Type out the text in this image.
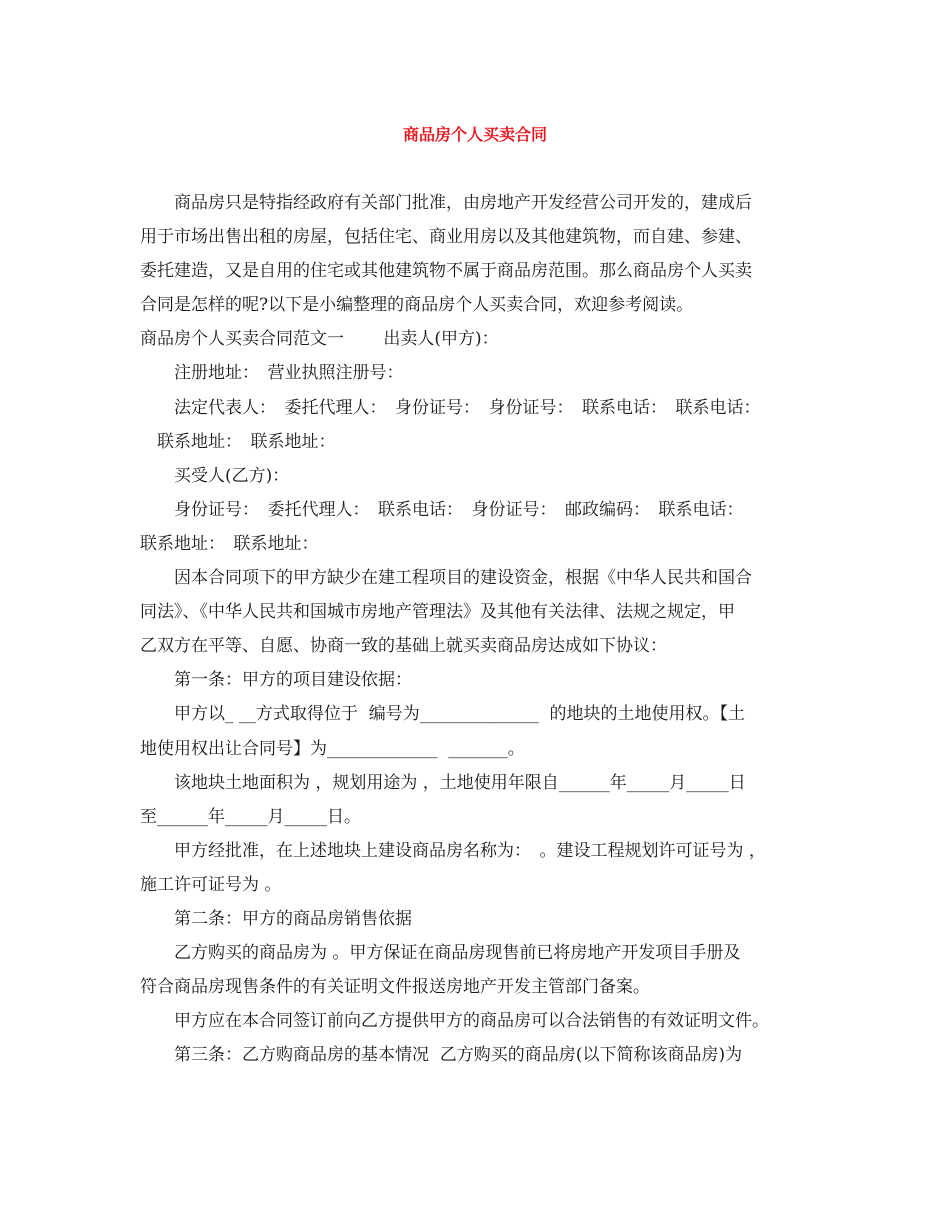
商品房个人买卖合同
　　商品房只是特指经政府有关部门批准，由房地产开发经营公司开发的，建成后
用于市场出售出租的房屋，包括住宅、商业用房以及其他建筑物，而自建、参建、
委托建造，又是自用的住宅或其他建筑物不属于商品房范围。那么商品房个人买卖
合同是怎样的呢?以下是小编整理的商品房个人买卖合同，欢迎参考阅读。
商品房个人买卖合同范文一　　 出卖人(甲方)：
　　注册地址：　营业执照注册号：
　　法定代表人：　委托代理人：　身份证号：　身份证号：　联系电话：　联系电话：
　联系地址：　联系地址：
　　买受人(乙方)：
　　身份证号：　委托代理人：　联系电话：　身份证号：　邮政编码：　联系电话：
联系地址：　联系地址：
　　因本合同项下的甲方缺少在建工程项目的建设资金，根据《中华人民共和国合
同法》、《中华人民共和国城市房地产管理法》及其他有关法律、法规之规定，甲
乙双方在平等、自愿、协商一致的基础上就买卖商品房达成如下协议：
　　第一条：甲方的项目建设依据：
　　甲方以_ __方式取得位于  编号为______________  的地块的土地使用权。【土
地使用权出让合同号】为_____________  _______。
　　该地块土地面积为 ，规划用途为 ，土地使用年限自______年_____月_____日
至______年_____月_____日。
　　甲方经批准，在上述地块上建设商品房名称为：　。建设工程规划许可证号为 ，
施工许可证号为 。
　　第二条：甲方的商品房销售依据
　　乙方购买的商品房为 。甲方保证在商品房现售前已将房地产开发项目手册及
符合商品房现售条件的有关证明文件报送房地产开发主管部门备案。
　　甲方应在本合同签订前向乙方提供甲方的商品房可以合法销售的有效证明文件。
　　第三条：乙方购商品房的基本情况  乙方购买的商品房(以下简称该商品房)为
